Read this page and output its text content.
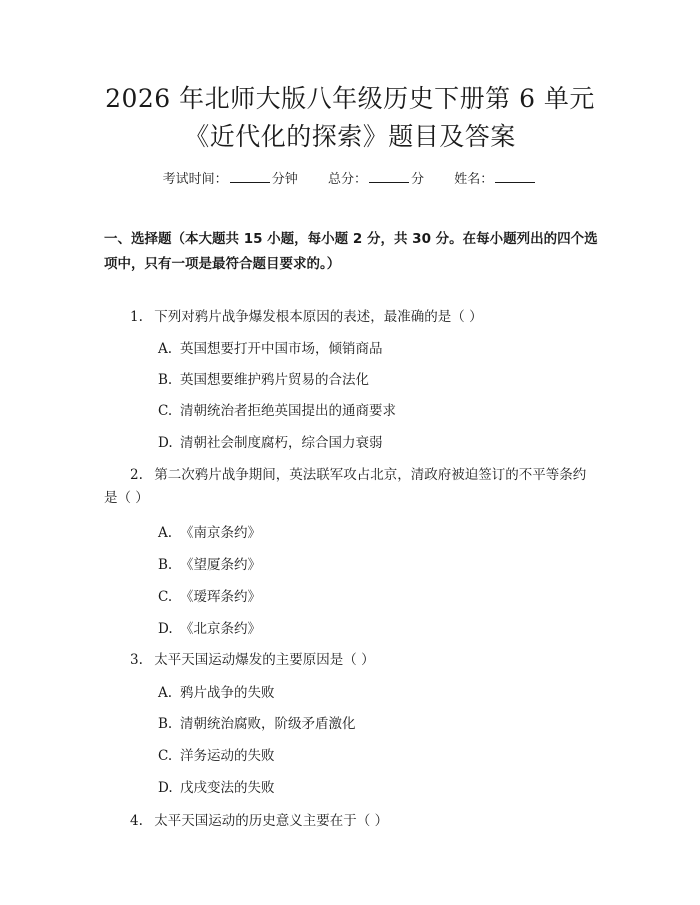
2026 年北师大版八年级历史下册第 6 单元
《近代化的探索》题目及答案
考试时间：	分钟 总分：	分 姓名：
一、选择题（本大题共 15 小题，每小题 2 分，共 30 分。在每小题列出的四个选项中，只有一项是最符合题目要求的。）
1. 下列对鸦片战争爆发根本原因的表述，最准确的是（ ）
A. 英国想要打开中国市场，倾销商品
B. 英国想要维护鸦片贸易的合法化
C. 清朝统治者拒绝英国提出的通商要求
D. 清朝社会制度腐朽，综合国力衰弱
2. 第二次鸦片战争期间，英法联军攻占北京，清政府被迫签订的不平等条约
是（ ）
A. 《南京条约》
B. 《望厦条约》
C. 《瑷珲条约》
D. 《北京条约》
3. 太平天国运动爆发的主要原因是（ ）
A. 鸦片战争的失败
B. 清朝统治腐败，阶级矛盾激化
C. 洋务运动的失败
D. 戊戌变法的失败
4. 太平天国运动的历史意义主要在于（ ）
